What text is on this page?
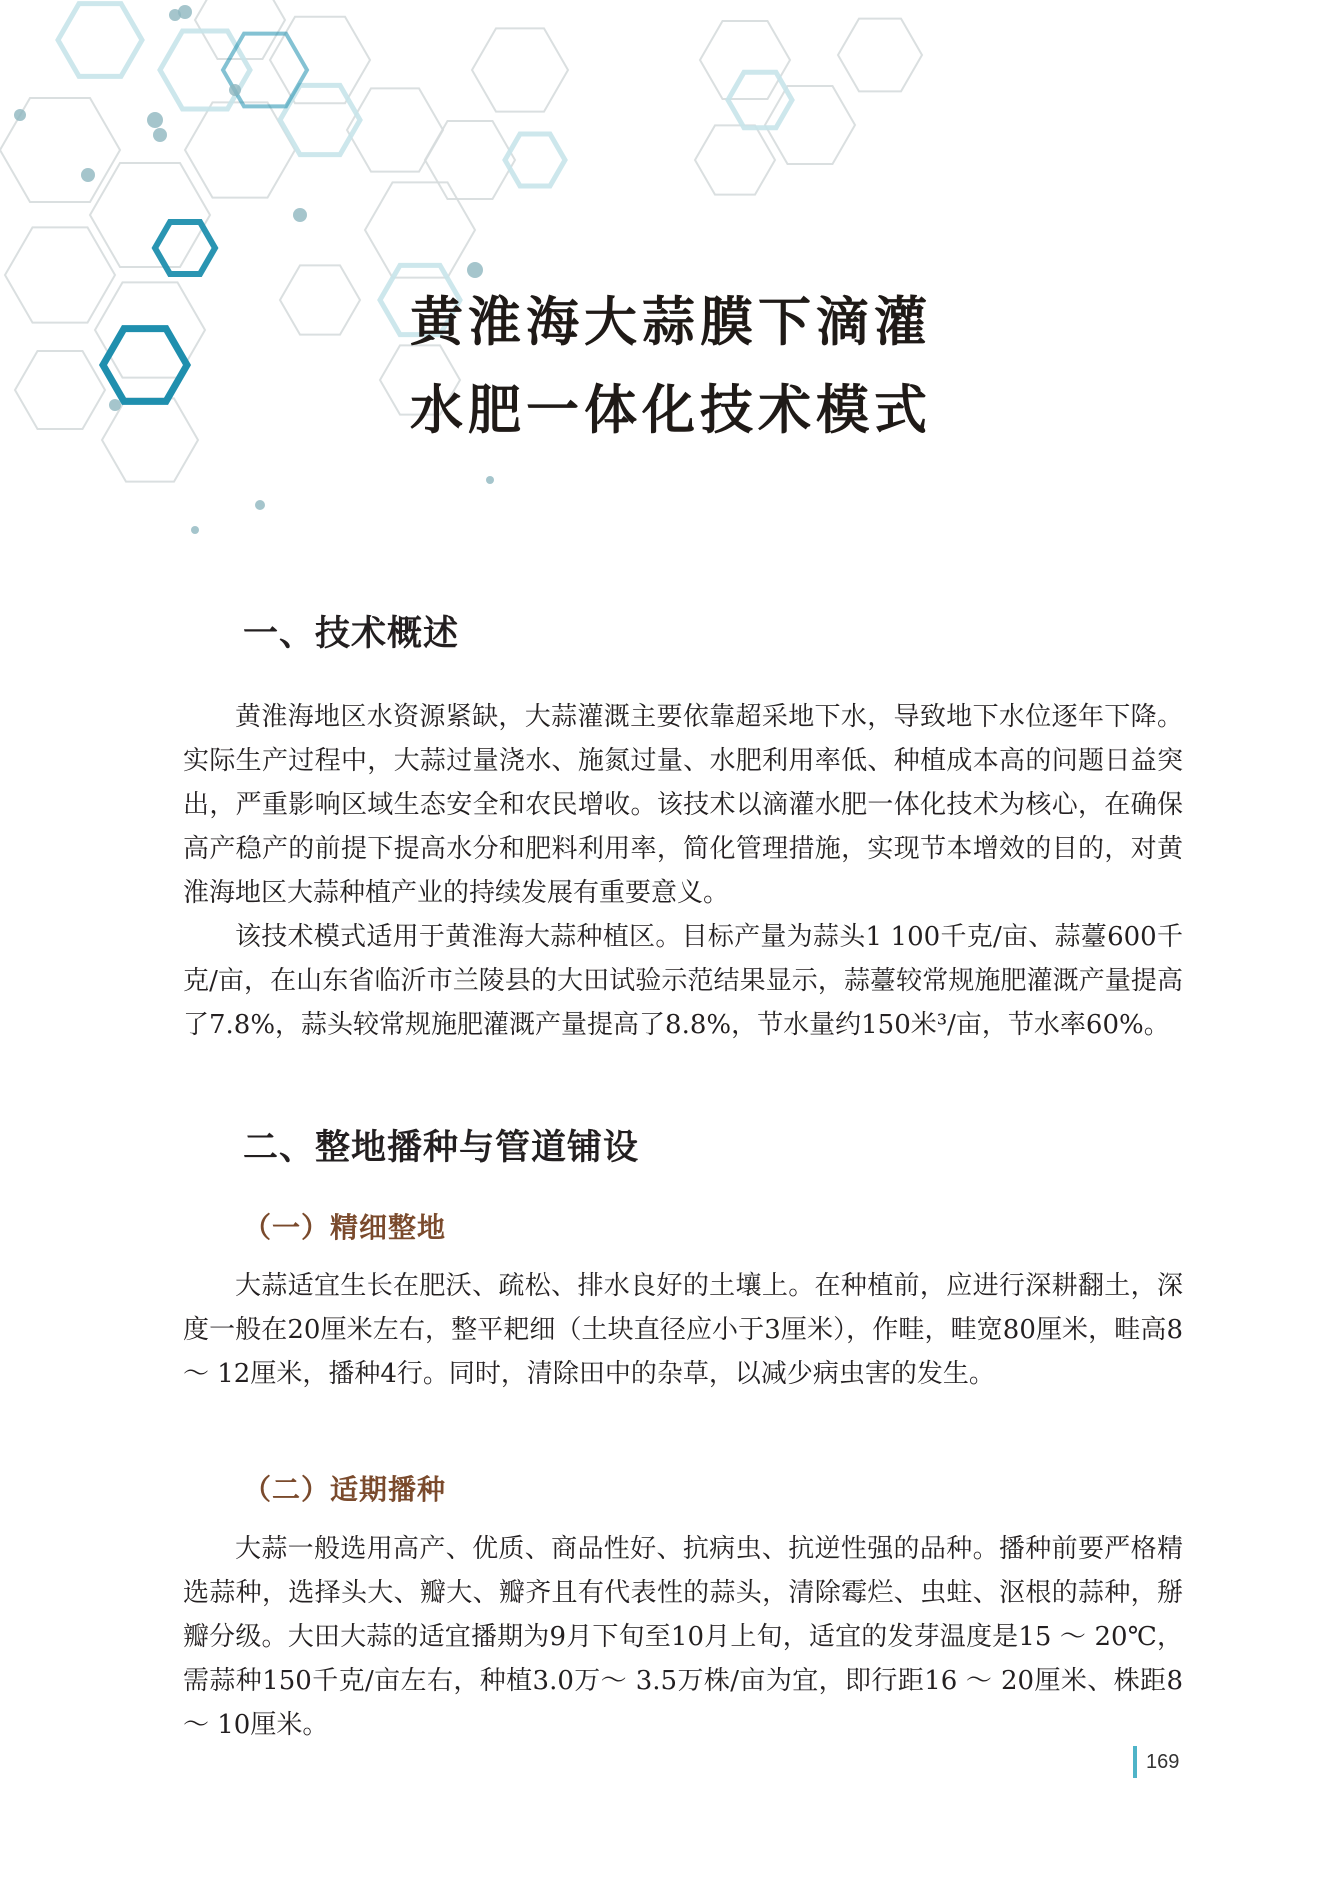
黄淮海大蒜膜下滴灌
水肥一体化技术模式
一、技术概述

黄淮海地区水资源紧缺，大蒜灌溉主要依靠超采地下水，导致地下水位逐年下降。实际生产过程中，大蒜过量浇水、施氮过量、水肥利用率低、种植成本高的问题日益突出，严重影响区域生态安全和农民增收。该技术以滴灌水肥一体化技术为核心，在确保高产稳产的前提下提高水分和肥料利用率，简化管理措施，实现节本增效的目的，对黄淮海地区大蒜种植产业的持续发展有重要意义。

该技术模式适用于黄淮海大蒜种植区。目标产量为蒜头1 100千克/亩、蒜薹600千克/亩，在山东省临沂市兰陵县的大田试验示范结果显示，蒜薹较常规施肥灌溉产量提高了7.8%，蒜头较常规施肥灌溉产量提高了8.8%，节水量约150米³/亩，节水率60%。

二、整地播种与管道铺设
（一）精细整地

大蒜适宜生长在肥沃、疏松、排水良好的土壤上。在种植前，应进行深耕翻土，深度一般在20厘米左右，整平耙细（土块直径应小于3厘米），作畦，畦宽80厘米，畦高8 ～ 12厘米，播种4行。同时，清除田中的杂草，以减少病虫害的发生。

（二）适期播种

大蒜一般选用高产、优质、商品性好、抗病虫、抗逆性强的品种。播种前要严格精选蒜种，选择头大、瓣大、瓣齐且有代表性的蒜头，清除霉烂、虫蛀、沤根的蒜种，掰瓣分级。大田大蒜的适宜播期为9月下旬至10月上旬，适宜的发芽温度是15 ～ 20℃，需蒜种150千克/亩左右，种植3.0万～ 3.5万株/亩为宜，即行距16 ～ 20厘米、株距8 ～ 10厘米。

169
